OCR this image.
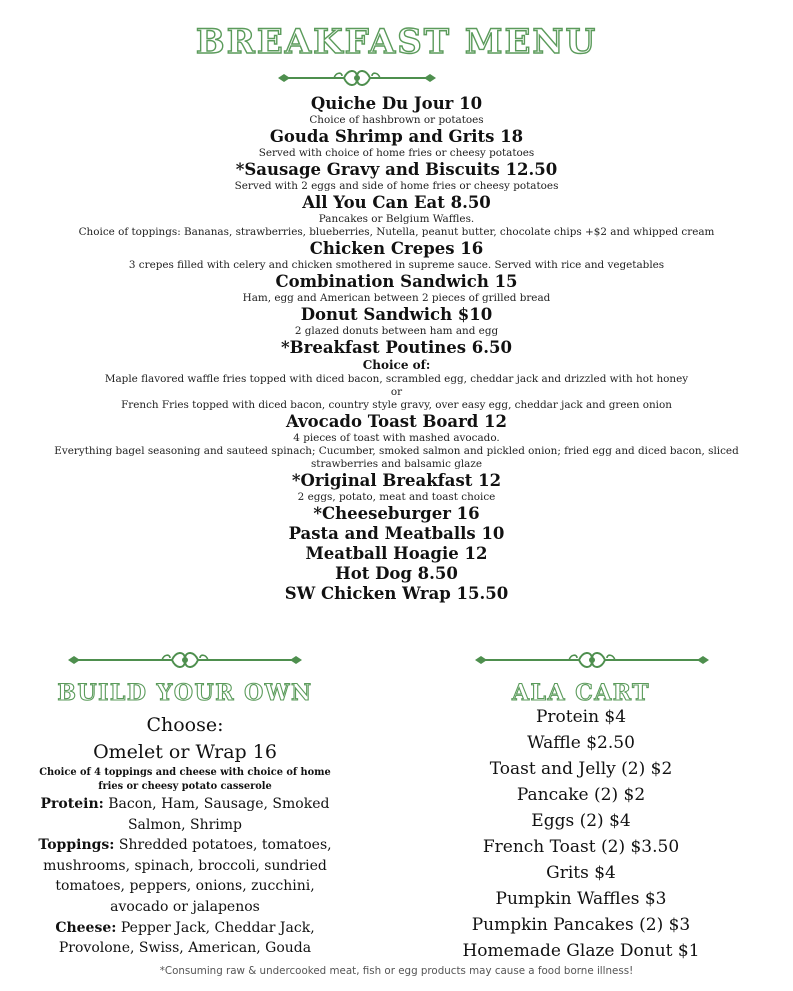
BREAKFAST MENU
Quiche Du Jour 10
Choice of hashbrown or potatoes
Gouda Shrimp and Grits 18
Served with choice of home fries or cheesy potatoes
*Sausage Gravy and Biscuits 12.50
Served with 2 eggs and side of home fries or cheesy potatoes
All You Can Eat 8.50
Pancakes or Belgium Waffles.
Choice of toppings: Bananas, strawberries, blueberries, Nutella, peanut butter, chocolate chips +$2 and whipped cream
Chicken Crepes 16
3 crepes filled with celery and chicken smothered in supreme sauce. Served with rice and vegetables
Combination Sandwich 15
Ham, egg and American between 2 pieces of grilled bread
Donut Sandwich $10
2 glazed donuts between ham and egg
*Breakfast Poutines 6.50
Choice of:
Maple flavored waffle fries topped with diced bacon, scrambled egg, cheddar jack and drizzled with hot honey
or
French Fries topped with diced bacon, country style gravy, over easy egg, cheddar jack and green onion
Avocado Toast Board 12
4 pieces of toast with mashed avocado.
Everything bagel seasoning and sauteed spinach; Cucumber, smoked salmon and pickled onion; fried egg and diced bacon, sliced
strawberries and balsamic glaze
*Original Breakfast 12
2 eggs, potato, meat and toast choice
*Cheeseburger 16
Pasta and Meatballs 10
Meatball Hoagie 12
Hot Dog 8.50
SW Chicken Wrap 15.50
BUILD YOUR OWN
Choose:
Omelet or Wrap 16
Choice of 4 toppings and cheese with choice of home
fries or cheesy potato casserole
Protein: Bacon, Ham, Sausage, Smoked Salmon, Shrimp
Toppings: Shredded potatoes, tomatoes, mushrooms, spinach, broccoli, sundried tomatoes, peppers, onions, zucchini, avocado or jalapenos
Cheese: Pepper Jack, Cheddar Jack, Provolone, Swiss, American, Gouda
ALA CART
Protein $4
Waffle $2.50
Toast and Jelly (2) $2
Pancake (2) $2
Eggs (2) $4
French Toast (2) $3.50
Grits $4
Pumpkin Waffles $3
Pumpkin Pancakes (2) $3
Homemade Glaze Donut $1
*Consuming raw & undercooked meat, fish or egg products may cause a food borne illness!
